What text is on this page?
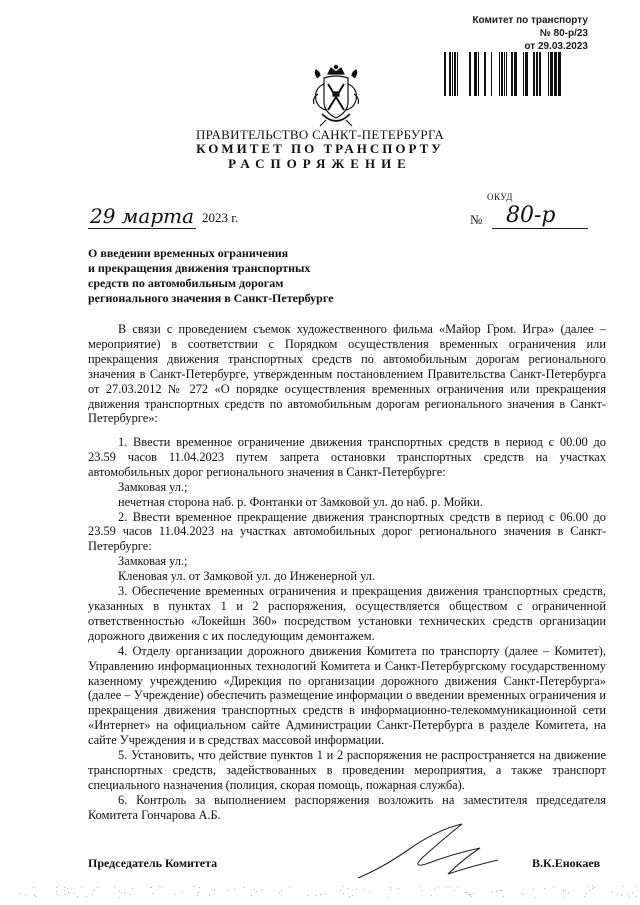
Комитет по транспорту
№ 80-р/23
от 29.03.2023
ПРАВИТЕЛЬСТВО САНКТ-ПЕТЕРБУРГА
КОМИТЕТ ПО ТРАНСПОРТУ
РАСПОРЯЖЕНИЕ
ОКУД
29 марта 2023 г.	№	80-р
О введении временных ограничения
и прекращения движения транспортных
средств по автомобильным дорогам
регионального значения в Санкт-Петербурге

В связи с проведением съемок художественного фильма «Майор Гром. Игра» (далее – мероприятие) в соответствии с Порядком осуществления временных ограничения или прекращения движения транспортных средств по автомобильным дорогам регионального значения в Санкт-Петербурге, утвержденным постановлением Правительства Санкт-Петербурга от 27.03.2012 № 272 «О порядке осуществления временных ограничения или прекращения движения транспортных средств по автомобильным дорогам регионального значения в Санкт-Петербурге»:

1. Ввести временное ограничение движения транспортных средств в период с 00.00 до 23.59 часов 11.04.2023 путем запрета остановки транспортных средств на участках автомобильных дорог регионального значения в Санкт-Петербурге:

Замковая ул.;

нечетная сторона наб. р. Фонтанки от Замковой ул. до наб. р. Мойки.

2. Ввести временное прекращение движения транспортных средств в период с 06.00 до 23.59 часов 11.04.2023 на участках автомобильных дорог регионального значения в Санкт-Петербурге:

Замковая ул.;

Кленовая ул. от Замковой ул. до Инженерной ул.

3. Обеспечение временных ограничения и прекращения движения транспортных средств, указанных в пунктах 1 и 2 распоряжения, осуществляется обществом с ограниченной ответственностью «Локейшн 360» посредством установки технических средств организации дорожного движения с их последующим демонтажем.

4. Отделу организации дорожного движения Комитета по транспорту (далее – Комитет), Управлению информационных технологий Комитета и Санкт-Петербургскому государственному казенному учреждению «Дирекция по организации дорожного движения Санкт-Петербурга» (далее – Учреждение) обеспечить размещение информации о введении временных ограничения и прекращения движения транспортных средств в информационно-телекоммуникационной сети «Интернет» на официальном сайте Администрации Санкт-Петербурга в разделе Комитета, на сайте Учреждения и в средствах массовой информации.

5. Установить, что действие пунктов 1 и 2 распоряжения не распространяется на движение транспортных средств, задействованных в проведении мероприятия, а также транспорт специального назначения (полиция, скорая помощь, пожарная служба).

6. Контроль за выполнением распоряжения возложить на заместителя председателя Комитета Гончарова А.Б.

Председатель Комитета	В.К.Енокаев
